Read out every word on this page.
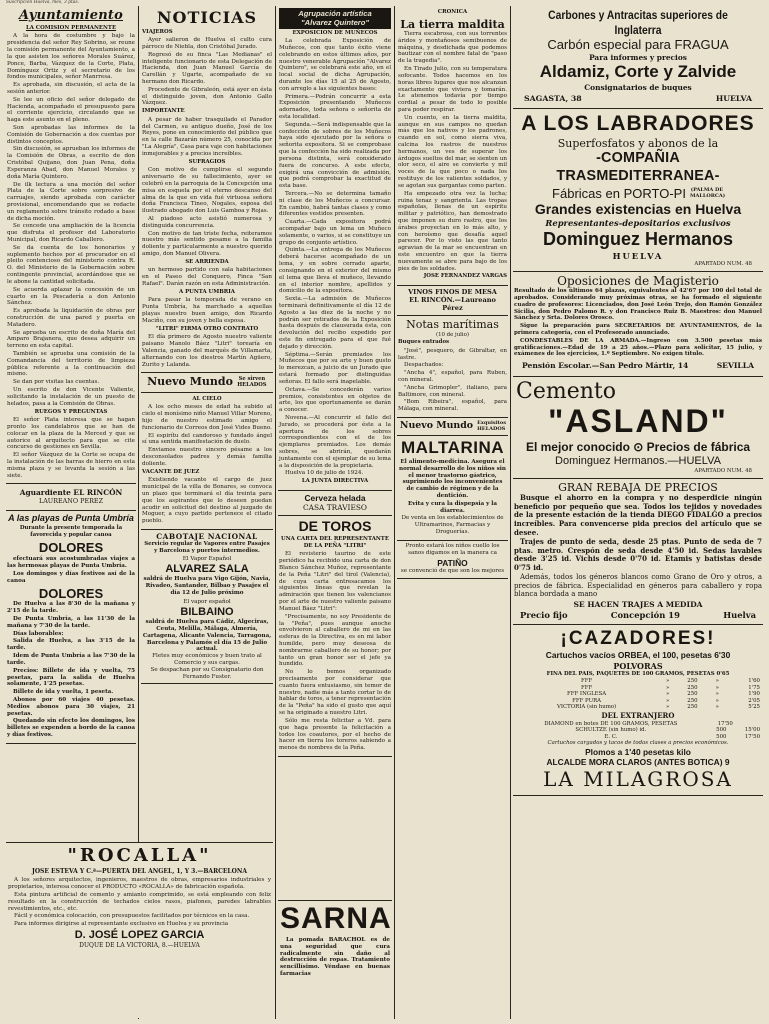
Suscripción Huelva, mes, 3 ptas.
Ayuntamiento
LA COMISION PERMANENTE

A la hora de costumbre y bajo la presidencia del señor Rey Sobrino, se reune la comisión permanente del Ayuntamiento, a la que asisten los señores Morales Suárez, Ponce, Barba, Vázquez de la Corte, Plata, Domínguez Ortiz y el secretario de los fondos municipales, señor Manrresa.

Es aprobada, sin discusión, el acta de la sesión anterior.

Se lee un oficio del señor delegado de Hacienda, acompañado el presupuesto para el corriente ejercicio, circulando que se haga este asunto en el pleno.

Son aprobadas las informes de la Comisión de Gobernación a dos cuentas por distintos conceptos.

Sin discusión, se aprueban los informes de la Comisión de Obras, a escrito de don Cristóbal Quijano, don Juan Pena, doña Esperanza Abad, don Manuel Morales y doña María Quintero.

De ilk lectura a una moción del señor Plata de la Corte sobre sorpresivo de carruajes, siendo aprobada con carácter provisional, encomendando que se redacte un reglamento sobre tránsito rodado a base de dicha moción.

Se concede una ampliación de la licencia que disfruta el profesor del Laboratorio Municipal, don Ricardo Caballero.

Se da cuenta de los honorarios y suplemento hechos por el procurador en el pleito contencioso del ministerio contra R. O. del Ministerio de la Gobernación sobre contingente provincial, acordándose que se le abone la cantidad solicitada.

Se acuerda aplazar la concesión de un cuarto en la Pescadería a don Antonio Sánchez.

Es aprobada la liquidación de obras por construcción de una pared y puerta en Matadero.

Se aprueba un escrito de doña María del Amparo Brajanera, que desea adquirir un terreno en esta capital.

También se aprueba una comisión de la Comandancia del territorio de limpieza pública referente a la continuación del mismo.

Se dan por visitas las cuentas.

Un escrito de don Vicente Valiente, solicitando la instalación de un puesto de helados, pasa a la Comisión de Obras.

RUEGOS Y PREGUNTAS

El señor Plata interesa que se hagan pronto los candelabros que se han de colocar en la plaza de la Merced y que se autorice al arquitecto para que se cite concurso de gestiones en Sevilla.

El señor Vázquez de la Corte se ocupa de la instalación de las barras de hierro en esta misma plaza y se levanta la sesión a las siete.

Aguardiente EL RINCÓN
LAUREANO PEREZ
A las playas de Punta Umbría
Durante la presente temporada la favorecida y popular canoa
DOLORES

efectuará sus acostumbradas viajes a las hermosas playas de Punta Umbría.

Los domingos y días festivos así de la canoa

DOLORES

De Huelva a las 8'30 de la mañana y 2'15 de la tarde.

De Punta Umbría, a las 11'30 de la mañana y 7'30 de la tarde.

Días laborables:

Salida de Huelva, a las 3'15 de la tarde.

Idem de Punta Umbría a las 7'30 de la tarde.

Precios: Billete de ida y vuelta, 75 pesetas, para la salida de Huelva solamente, 1'25 pesetas.

Billete de ida y vuelta, 1 peseta.

Abonos por 60 viajes 40 pesetas. Medios abonos para 30 viajes, 21 pesetas.

Quedando sin efecto los domingos, los billetes se expenden a bordo de la canoa y días festivos.

NOTICIAS
VIAJEROS

Ayer salieron de Huelva el culto cura párroco de Niebla, don Cristóbal Jurado.

Regresó de su finca "Las Medianas" el inteligente funcionario de esta Delegación de Hacienda, don Juan Manuel García de Carellán y Ugarte, acompañado de su hermano don Ricardo.

Procedente de Gibraleón, está ayer en ésta el distinguido joven, don Antonio Gallo Vázquez.

IMPORTANTE

A pesar de haber trasquilado el Parador del Carmen, su antiguo dueño, José de los Reyes, pone en conocimiento del público que en la calle Bazarán número 25, conocida por "La Alegría", Casa para vaje con habitaciones inmejorables y a precios increíbles.

SUFRAGIOS

Con motivo de cumplirse el segundo aniversario de su fallecimiento, ayer se celebró en la parroquia de la Concepción una misa en esquela por el eterno descanso del alma de la que en vida fué virtuosa señora doña Francisca Tineo, Nogales, esposa del ilustrado abogado don Luis Gamboa y Rojas.

Al piadoso acto asistió numerosa y distinguida concurrencia.

Con motivo de tan triste fecha, reiteramos nuestro más sentido pesame a la familia doliente y particularmente a nuestro querido amigo, don Manuel Olivera.

SE ARRIENDA

un hermoso partido con sala habitaciones en el Paseo del Conquero, Finca "San Rafael". Darán razón en esta Administración.

A PUNTA UMBRIA

Para pasar la temporada de verano en Punta Umbría, ha marchado a aquellas playas nuestro buen amigo, don Ricardo Maciño, con su joven y bella esposa.

"LITRI" FIRMA OTRO CONTRATO

El día primero de Agosto nuestro valiente paisano Manolo Báez "Litri" torearía en Valencia, ganado del marqués de Villamarta, alternando con los diestros Martín Agüero, Zurito y Lalanda.

Nuevo Mundo	Se sirven HELADOS
AL CIELO

A los ocho meses de edad ha subido al cielo el monísimo niño Manuel Villar Moreno, hijo de nuestro estimado amigo el funcionario de Correos don José Vides Bueno.

El espirítu del candoroso y fundado ángel sí una sentida manifestación de duelo.

Enviamos nuestro sincero pésame a los desconsolados padres y demás familia doliente.

VACANTE DE JUEZ

Existiendo vacante el cargo de juez municipal de la villa de Bonares, se convoca un plazo que terminará el día treinta para que los aspirantes que lo deseen puedan acudir en solicitud del destino al juzgado de Moguer, a cuyo partido pertenece el citado pueblo.

CABOTAJE NACIONAL
Servicio regular de Vapores entre Pasajes y Barcelona y puertos intermedios.
El Vapor Español
ALVAREZ SALA
saldrá de Huelva para Vigo Gijón, Navia, Rivadeo, Santander, Bilbao y Pasajes el día 12 de Julio próximo
El vapor español
BILBAINO
saldrá de Huelva para Cádiz, Algeciras, Ceuta, Melilla, Málaga, Almería, Cartagena, Alicante Valencia, Tarragona, Barcelona y Palamós el día 15 de Julio actual.
Fletes muy económicos y buen trato al Comercio y sus cargas.
Se despachan por su Consignatario don Fernando Fuster.
Agrupación artística "Alvarez Quintero"
EXPOSICION DE MUÑECOS

La celebrada Exposición de Muñecos, con que tanto éxito viene celebrando en estos últimos años, por nuestro venerable Agrupación "Alvarez Quintero", se celebrará este año, en el local social de dicha Agrupación, durante los días 15 al 25 de Agosto, con arreglo a las siguientes bases:

Primera.—Podrán concurrir a esta Exposición presentando Muñecos adornados, toda señora o señorita de esta localidad.

Segunda.—Será indispensable que la confección de sobres de los Muñecos haya sido ejecutado por la señora o señorita expositora. Si se comprobase que la confección ha sido realizada por persona distinta, será considerado fuera de concurso. A este efecto, exigirá una convicción de admisión, que podrá comprobar la exactitud de esta base.

Tercera.—No se determina tamaño ni clase de los Muñecos a concursar. En cambio, habrá tantas clases y como diferentes vestidos presenten.

Cuarta.—Cada expositora podrá acompañar bajo un lema un Muñeco solamente, o varios, si se constituye un grupo de conjunto artístico.

Quinta.—La entrega de los Muñecos deberá hacerse acompañado de un lema, y en sobre cerrado aparte, consignando en el exterior del mismo el lema que lleva el muñeco, llevando en el interior nombre, apellidos y domicilio de la expositora.

Sexta.—La admisión de Muñecos terminará definitivamente el día 12 de Agosto a las diez de la noche y no podrán ser retirados de la Exposición hasta después de clausurada ésta, con devolución del recibo expedido por este fin entregado para el que fué dejado y dirección.

Séptima.—Serán premiados los Muñecos que por su arte y buen gusto lo merezcan, a juicio de un Jurado que estará formado por distinguidas señoras. El fallo será inapelable.

Octava.—Se concederán varios premios, consistentes en objetos de arte, los que oportunamente se darán a conocer.

Novena.—Al concurrir el fallo del Jurado, se procederá por éste a la apertura de los sobres correspondientes con el de los ejemplares premiados. Los demás sobres, se abrirán, quedarán juntamente con el ejemplar de su lema a la disposición de la propietaria.

Huelva 10 de julio de 1924.

LA JUNTA DIRECTIVA
Cerveza helada
CASA TRAVIESO
DE TOROS
UNA CARTA DEL REPRESENTANTE DE LA PEÑA "LITRI"

El revisterio taurino de este periódico ha recibido una carta de don Blanco Sánchez Muñoz, representante de la Peña "Litri" del tirol (Valencia), de cuya carta entresacamos los siguientes líneas que revelan la admiración que tienen los valencianos por el arte de nuestro valiente paisano Manuel Báez "Litri":

"Precisamente, no soy Presidente de la "Peña", pues aunque anoche envolvieron al caballero de mi en las esferas de la Directiva, es en mi labor humilde, pero muy deseosa de nombrarme caballero de su honor; por tanto un gran honor ser el jefe ya hundido.

No lo bemos organizado precisamente por considerar que cuanto fuera entusiasmo, sin temor de nuestro, nadie más a tanto cortar lo de hablar de toros, a tener representación de la "Peña" ha sido el gusto que aquí se ha originado a nuestro Litri.

Sólo me resta felicitar a Vd. para que haga presente la felicitación a todos los coautores, por el hecho de hacer en tierra los toreros sabiendo a menos de nombres de la Peña.

CRONICA
La tierra maldita

Tierra escabrosa, con sus torrentes áridos y montañosos semibuenos de máquina, y desdichada que podemos bautizar con el nombre fatal de "paso de la tragedia".

En Tirado Julio, con su temperatura sofocante. Todos hacemos en los horas libres lugares que nos alcanzan exactamente que viviera y tomarán. Le atenemos todavía por tiempo cordial a pesar de todo lo posible para poder respirar.

Un cuento, en la tierra maldita, aunque en sus campos no quedan más que los nativos y los padrones, cuando en sol, como sierra viva, calcina los rastros de nuestros hermanos, un ves de superar los árdugos sueltos del mar, se sienten un olor seco, el aire se convierte y mil voces de la que poco o nada los restituye de los valientes soldados, y se agotan sus gargantas como parten.

Ha empezado otra vez la lucha; ruina tenaz y sangrienta. Las tropas españolas, llenas de un espíritu militar y patriótico, han demostrado que imponen su duro rastro, que los árabes proyectan en lo más alto, y con heroísmo que desafía aquel parecer. Por lo visto las que tanto agravian de la mar se encuentran en este encuentro en que la tierra nuevamente se abre para bajo de los pies de los soldados.

JOSE FERNANDEZ VARGAS
VINOS FINOS DE MESA
EL RINCÓN.—Laureano Pérez
Notas marítimas
(10 de julio)
Buques entrados

"José", pesquero, de Gibraltar, en lastre.

Despachados:

"Ancha 4", español, para Ruben, con mineral.

"Ancha Grimopler", italiano, para Baltimore, con mineral.

"Bom Ribeira", español, para Málaga, con mineral.

Nuevo Mundo Exquisitos HELADOS
MALTARINA

El alimento-medicina. Asegura el normal desarrollo de los niños sin el menor trastorno gástrico, suprimiendo los inconvenientes de cambio de régimen y de la dentición.

Evita y cura la dispepsia y la diarrea.

De venta en los establecimientos de Ultramarinos, Farmacias y Droguerías.

Pronto estará los niños cuello los sanos digamos en la manera ca

PATIÑO
se convenció de que son los mejores
Carbones y Antracitas superiores de Inglaterra
Carbón especial para FRAGUA
Para informes y precios
Aldamiz, Corte y Zalvide
Consignatarios de buques
SAGASTA, 38	HUELVA
A LOS LABRADORES
Superfosfatos y abonos de la
-COMPAÑIA TRASMEDITERRANEA-
Fábricas en PORTO-PI (PALMA DE MALLORCA)
Grandes existencias en Huelva
Representantes-depositarios exclusivos
Dominguez Hermanos
HUELVA
APARTADO NUM. 48
Oposiciones de Magisterio

Resultado de los últimos 64 plazas, equivalentes al 42'67 por 100 del total de aprobados. Considerando muy próximas otras, se ha formado el siguiente cuadro de profesores: Licenciados, don José León Trejo, don Ramón González Sicilia, don Pedro Palomo R. y don Francisco Ruiz B. Maestros: don Manuel Sánchez y Srta. Dolores Orosco.

Sigue la preparación para SECRETARIOS DE AYUNTAMIENTOS, de la primera categoría, con el Profesorado anunciado.

CONDESTABLES DE LA ARMADA.—Ingreso con 3.500 pesetas más gratificaciones.—Edad de 19 a 25 años.—Plazo para solicitar, 15 julio, y exámenes de los ejercicios, 1.º Septiembre. No exigen título.

Pensión Escolar.—San Pedro Mártir, 14	SEVILLA
Cemento
"ASLAND"
El mejor conocido ⊙ Precios de fábrica
Dominguez Hermanos.—HUELVA
APARTADO NUM. 48
GRAN REBAJA DE PRECIOS

Busque el ahorro en la compra y no desperdicie ningún beneficio por pequeño que sea. Todos los tejidos y novedades de la presente estación de la tienda DIEGO FIDALGO a precios increíbles. Para convencerse pida precios del artículo que se desee.

Trajes de punto de seda, desde 25 ptas. Punto de seda de 7 ptas. metro. Crespón de seda desde 4'50 id. Sedas lavables desde 3'25 id. Vichis desde 0'70 id. Etamis y batistas desde 0'75 id.

Además, todos los géneros blancos como Grano de Oro y otros, a precios de fábrica. Especialidad en géneros para caballero y ropa blanca bordada a mano

SE HACEN TRAJES A MEDIDA
Precio fijo	Concepción 19	Huelva
¡CAZADORES!
Cartuchos vacíos ORBEA, el 100, pesetas 6'30
POLVORAS
FINA DEL PAIS, PAQUETES DE 100 GRAMOS, PESETAS 0'65
FFF	»	250	»	1'60
FFF	»	250	»	1'75
FFF INGLESA	»	250	»	1'90
FFF PURA	»	250	»	2'05
VICTORIA (sin humo)	»	250	»	5'25
DEL EXTRANJERO
DIAMOND en botes DE 100 GRAMOS, PESETAS	17'50	
SCHULTZE (sin humo) id.	500	15'00
E. C.	500	17'50
Cartuchos cargados y tacos de todas clases a precios económicos.
Plomos a 1'40 pesetas kilo
ALCALDE MORA CLAROS (ANTES BOTICA) 9
LA MILAGROSA
"ROCALLA"
JOSE ESTEVA Y C.ª—PUERTA DEL ANGEL, 1, Y 3.—BARCELONA

A los señores arquitectos, ingenieros, maestros de obras, empresarios industriales y propietarios, interesa conocer el PRODUCTO «ROCALLA» de fabricación española.

Esta pintura artificial de cemento y amianto comprimido, se está empleando con feliz resultado en la construcción de techados cielos rasos, piafones, paredes labrables revestimientos, etc., etc.

Fácil y económica colocación, con presupuestos facilitados por técnicos en la casa.

Para informes dirigirse al representante exclusivo en Huelva y su provincia

D. JOSÉ LOPEZ GARCIA
DUQUE DE LA VICTORIA, 8.—HUELVA
SARNA

La pomada BARACHOL es de una seguridad que cura radicalmente sin daño al destrucción de ropas. Tratamiento sencillísimo. Véndase en buenas farmacias
